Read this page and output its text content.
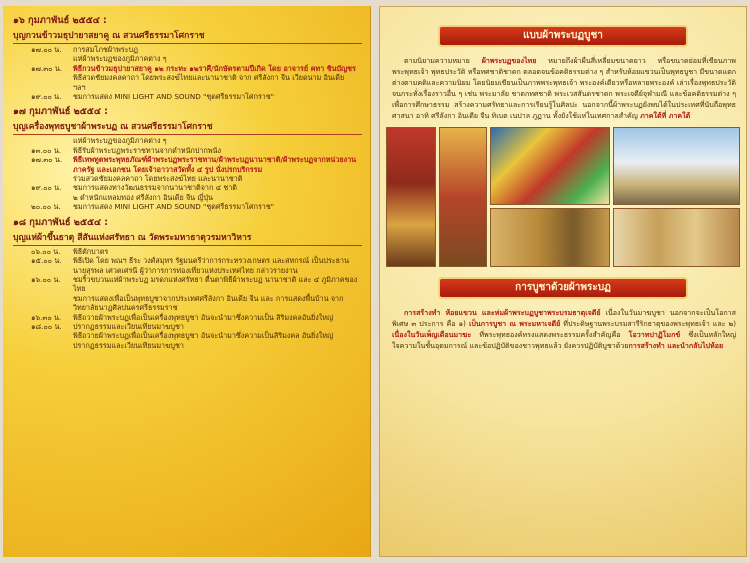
๑๖ กุมภาพันธ์ ๒๕๕๔ :
บุญกวนข้าวมธุปายาสยาคู ณ สวนศรีธรรมาโศกราช
๑๗.๐๐ น.	การสมโภชผ้าพระบฏ
แห่ผ้าพระบฏของภูมิภาคต่าง ๆ
๑๗.๓๐ น.	พิธีกวนข้าวมธุปายาสยาคู ๑๒ กระทะ ๑๒ราศี/นักษัตรตามปีเกิด โดย อาจารย์ คทา ชินบัญชร
พิธีสวดชัยมงคลคาถา โดยพระสงฆ์ไทยและนานาชาติ จาก ศรีลังกา จีน เวียดนาม อินเดีย ฯลฯ
๑๙.๐๐ น.	ชมการแสดง MINI LIGHT AND SOUND "ชุดศรีธรรมาโศกราช"
๑๗ กุมภาพันธ์ ๒๕๕๔ :
บุญเครื่องพุทธบูชาผ้าพระบฏ ณ สวนศรีธรรมาโศกราช
แห่ผ้าพระบฏของภูมิภาคต่าง ๆ
๑๓.๐๐ น.	พิธีรับผ้าพระบฏพระราชทานจากตำหนักปากพนัง
๑๗.๓๐ น.	พิธีเทพทูตพระพุทธภัณฑ์ผ้าพระบฏพระราชทาน/ผ้าพระบฏนานาชาติ/ผ้าพระบฏจากหน่วยงานภาครัฐ และเอกชน โดยเจ้าอาวาสวัดทั้ง ๔ รูป นั่งปรกบริกรรม
ร่วมสวดชัยมงคลคาถา โดยพระสงฆ์ไทย และนานาชาติ
๑๙.๐๐ น.	ชมการแสดงทางวัฒนธรรมจากนานาชาติจาก ๔ ชาติ
๒ ตำหนักแหลมทอง ศรีลังกา อินเดีย จีน ญี่ปุ่น
๒๐.๐๐ น.	ชมการแสดง MINI LIGHT AND SOUND "ชุดศรีธรรมาโศกราช"
๑๘ กุมภาพันธ์ ๒๕๕๔ :
บุญแห่ผ้าขึ้นธาตุ สีสันแห่งศรัทธา ณ วัดพระมหาธาตุวรมหาวิหาร
๐๖.๐๐ น.	พิธีตักบาตร
๑๕.๐๐ น.	พิธีเปิด โดย พณฯ ธีระ วงศ์สมุทร รัฐมนตรีว่าการกระทรวงเกษตร และสหกรณ์ เป็นประธาน
นายสุรพล เศวตเศรนี ผู้ว่าการการท่องเที่ยวแห่งประเทศไทย กล่าวรายงาน
๑๖.๐๐ น.	ชมริ้วขบวนแห่ผ้าพระบฏ มรดกแห่งศรัทธา ตื่นตาพิธีผ้าพระบฏ นานาชาติ และ ๔ ภูมิภาคของไทย
ชมการแสดงเพื่อเป็นพุทธบูชาจากประเทศศรีลังกา อินเดีย จีน และ การแสดงพื้นบ้าน จากวิทยาลัยนาฏศิลปนครศรีธรรมราช
๑๖.๓๐ น.	พิธีถวายผ้าพระบฏเพื่อเป็นเครื่องพุทธบูชา อันจะนำมาซึ่งความเป็น สิริมงคลอันยิ่งใหญ่
๑๘.๐๐ น.	ปรากฏธรรมและเวียนเทียนมาฆบูชา
พิธีถวายผ้าพระบฏเพื่อเป็นเครื่องพุทธบูชา อันจะนำมาซึ่งความเป็นสิริมงคล อันยิ่งใหญ่
ปรากฏธรรมและเวียนเทียนมาฆบูชา
แบบผ้าพระบฏบูชา
ตามนิยามความหมาย ผ้าพระบฏของไทย หมายถึงผ้าผืนสี่เหลี่ยมขนาดยาว หรือขนาดย่อมที่เขียนภาพพระพุทธเจ้า พุทธประวัติ หรือทศชาติชาดก ตลอดจนข้อคติธรรมต่าง ๆ สำหรับห้อยแขวนเป็นพุทธบูชา มีขนาดแตกต่างตามคติและความนิยม โดยนิยมเขียนเป็นภาพพระพุทธเจ้า พระองค์เดียวหรือหลายพระองค์ เล่าเรื่องพุทธประวัติ จนกระทั่งเรื่องราวอื่น ๆ เช่น พระมาลัย ชาดกทศชาติ พระเวสสันดรชาดก พระเจดีย์จุฬามณี และข้อคติธรรมต่าง ๆ เพื่อการศึกษาธรรม สร้างความศรัทธาและการเรียนรู้ในศิลปะ นอกจากนี้ผ้าพระบฏยังพบได้ในประเทศที่นับถือพุทธศาสนา อาทิ ศรีลังกา อินเดีย จีน ทิเบต เนปาล ภูฏาน ทั้งยังใช้แห่ในเทศกาลสำคัญ ภาคใต้ที่ ภาคใต้
การบูชาด้วยผ้าพระบฏ
การสร้างทำ ห้อยแขวน และห่มผ้าพระบฏบูชาพระบรมธาตุเจดีย์ เนื่องในวันมาฆบูชา นอกจากจะเป็นโอกาสพิเศษ ๓ ประการ คือ ๑) เป็นการบูชา ณ พระมหาเจดีย์ ที่ประดิษฐานพระบรมสารีริกธาตุของพระพุทธเจ้า และ ๒) เนื่องในวันเพ็ญเดือนมาฆะ ที่พระพุทธองค์ทรงแสดงพระธรรมครั้งสำคัญคือ โอวาทปาฏิโมกข์ ซึ่งเป็นหลักใหญ่ใจความในชั้นอุดมการณ์ และข้อปฏิบัติของชาวพุทธแล้ว ยังควรปฏิบัติบูชาด้วยการสร้างทำ และนำกลับไปห้อย
